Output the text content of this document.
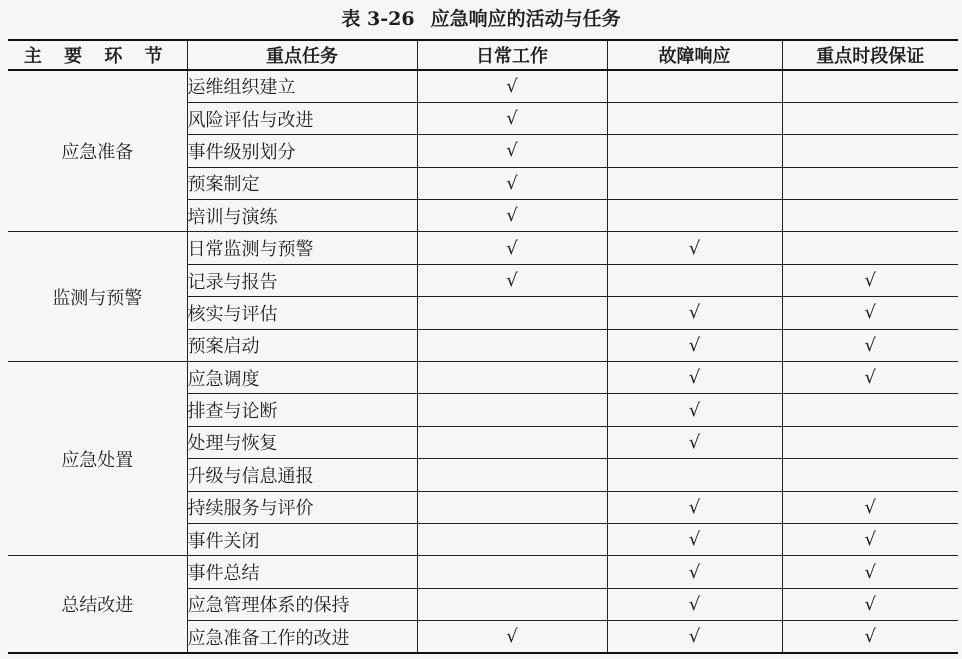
表 3-26 应急响应的活动与任务
主 要 环 节	重点任务	日常工作	故障响应	重点时段保证
应急准备	运维组织建立	√		
	风险评估与改进	√		
	事件级别划分	√		
	预案制定	√		
	培训与演练	√		
监测与预警	日常监测与预警	√	√	
	记录与报告	√		√
	核实与评估		√	√
	预案启动		√	√
应急处置	应急调度		√	√
	排查与论断		√	
	处理与恢复		√	
	升级与信息通报			
	持续服务与评价		√	√
	事件关闭		√	√
总结改进	事件总结		√	√
	应急管理体系的保持		√	√
	应急准备工作的改进	√	√	√
